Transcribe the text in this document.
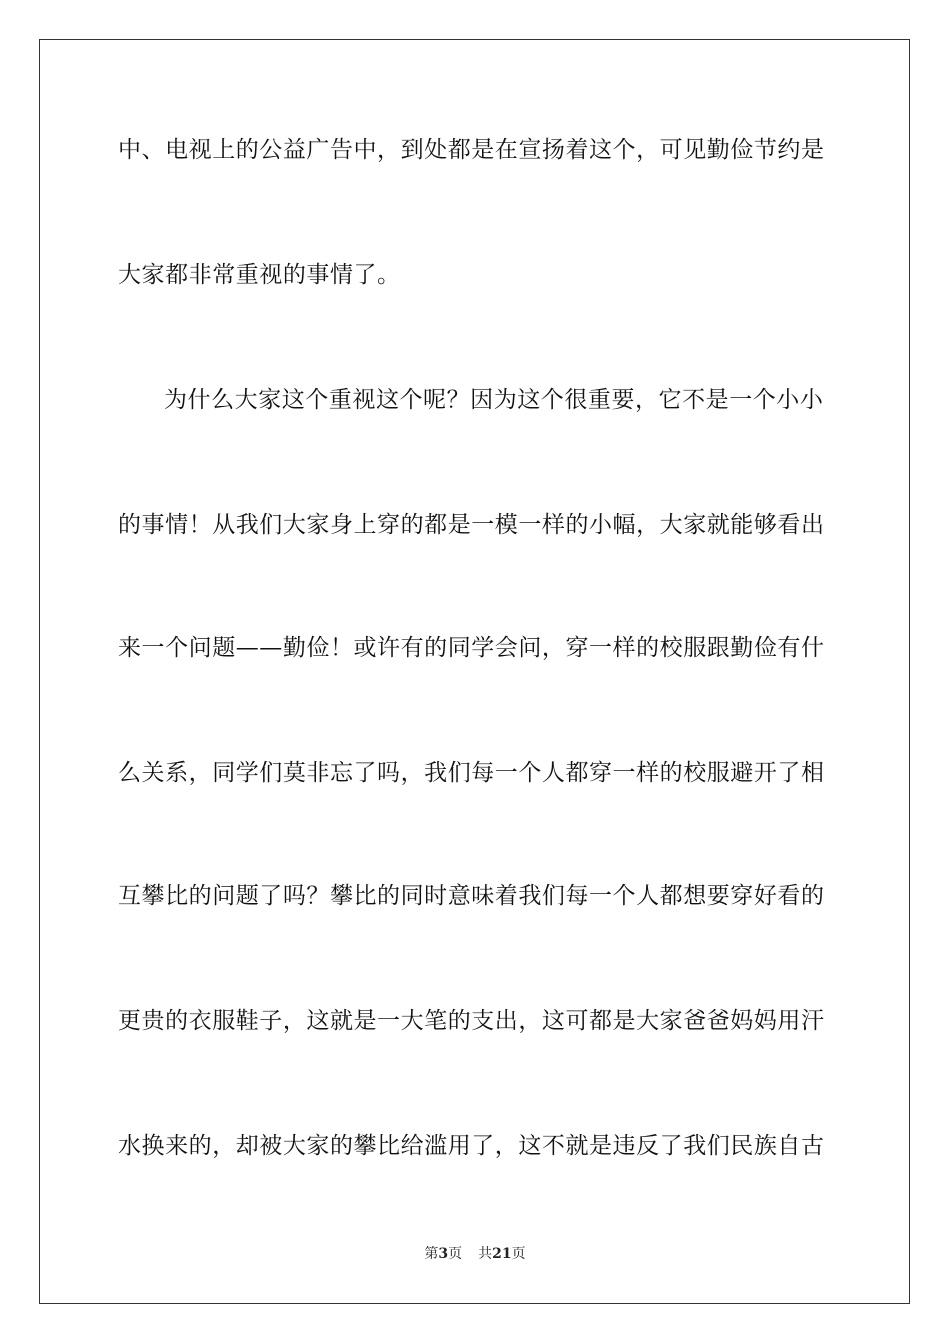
中、电视上的公益广告中，到处都是在宣扬着这个，可见勤俭节约是
大家都非常重视的事情了。
为什么大家这个重视这个呢？因为这个很重要，它不是一个小小
的事情！从我们大家身上穿的都是一模一样的小幅，大家就能够看出
来一个问题——勤俭！或许有的同学会问，穿一样的校服跟勤俭有什
么关系，同学们莫非忘了吗，我们每一个人都穿一样的校服避开了相
互攀比的问题了吗？攀比的同时意味着我们每一个人都想要穿好看的
更贵的衣服鞋子，这就是一大笔的支出，这可都是大家爸爸妈妈用汗
水换来的，却被大家的攀比给滥用了，这不就是违反了我们民族自古
第3页 共21页
